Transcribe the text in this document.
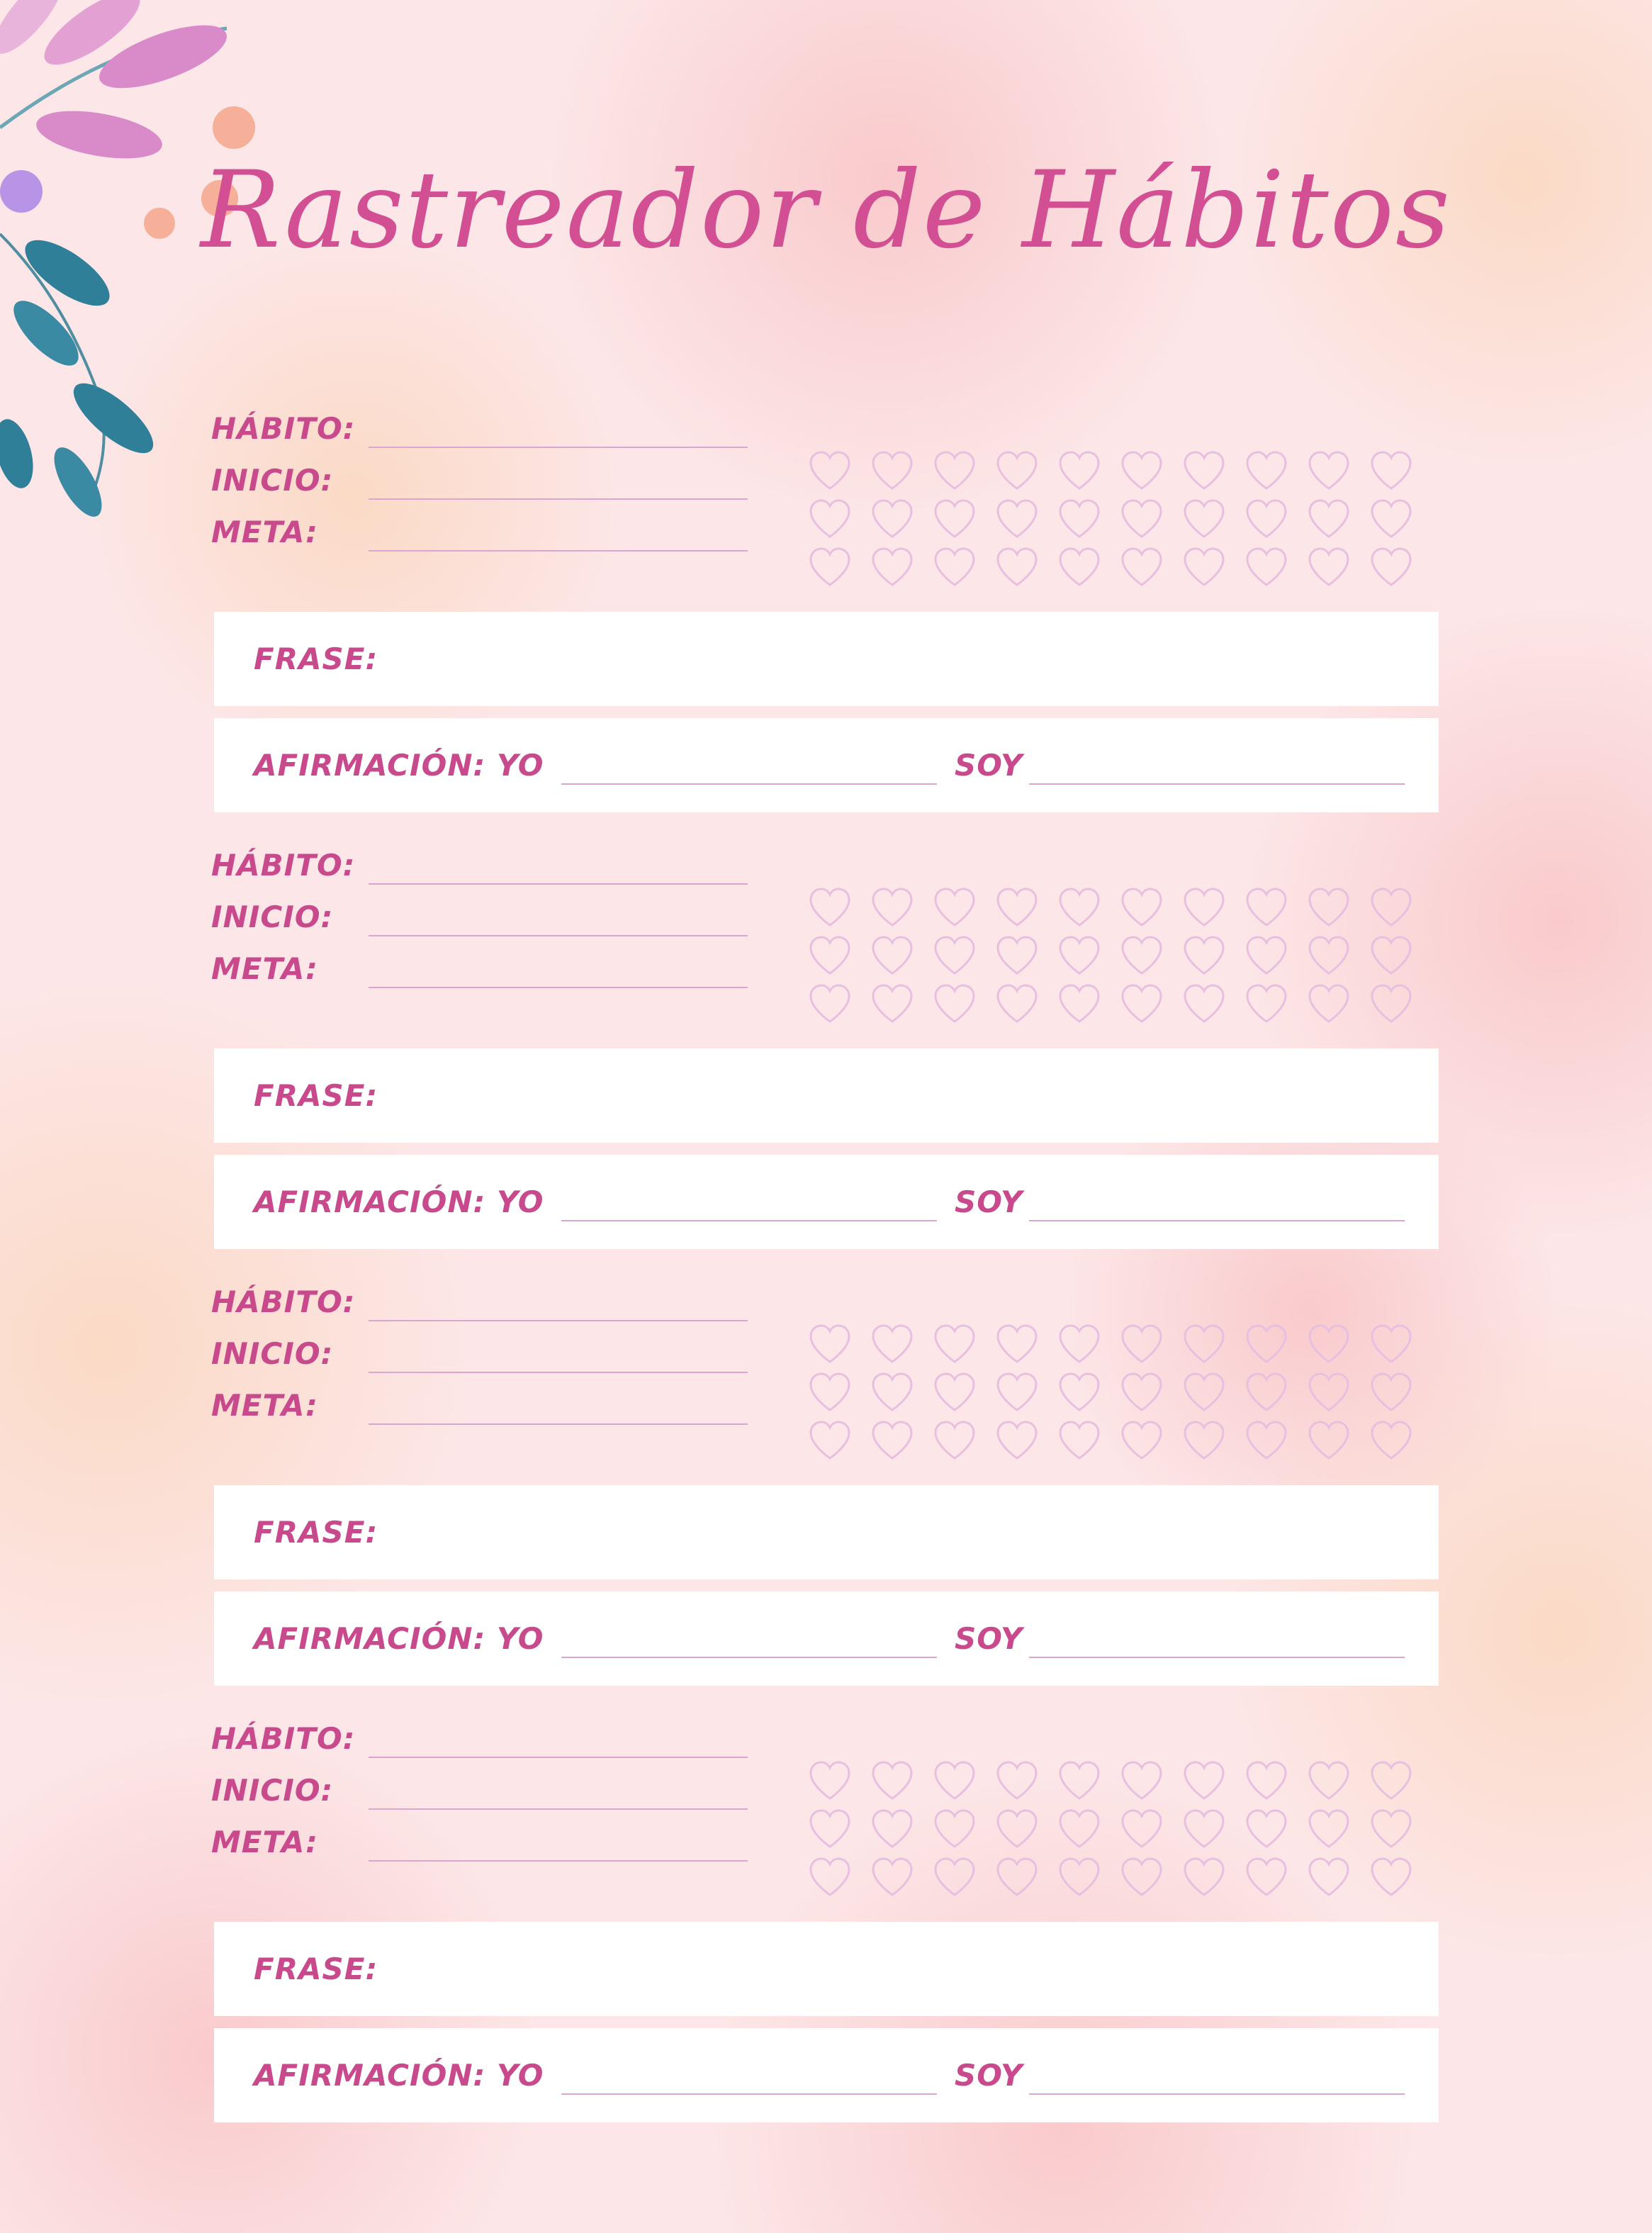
Rastreador de Hábitos
HÁBITO:
INICIO:
META:
FRASE:
AFIRMACIÓN: YO	SOY
HÁBITO:
INICIO:
META:
FRASE:
AFIRMACIÓN: YO	SOY
HÁBITO:
INICIO:
META:
FRASE:
AFIRMACIÓN: YO	SOY
HÁBITO:
INICIO:
META:
FRASE:
AFIRMACIÓN: YO	SOY
